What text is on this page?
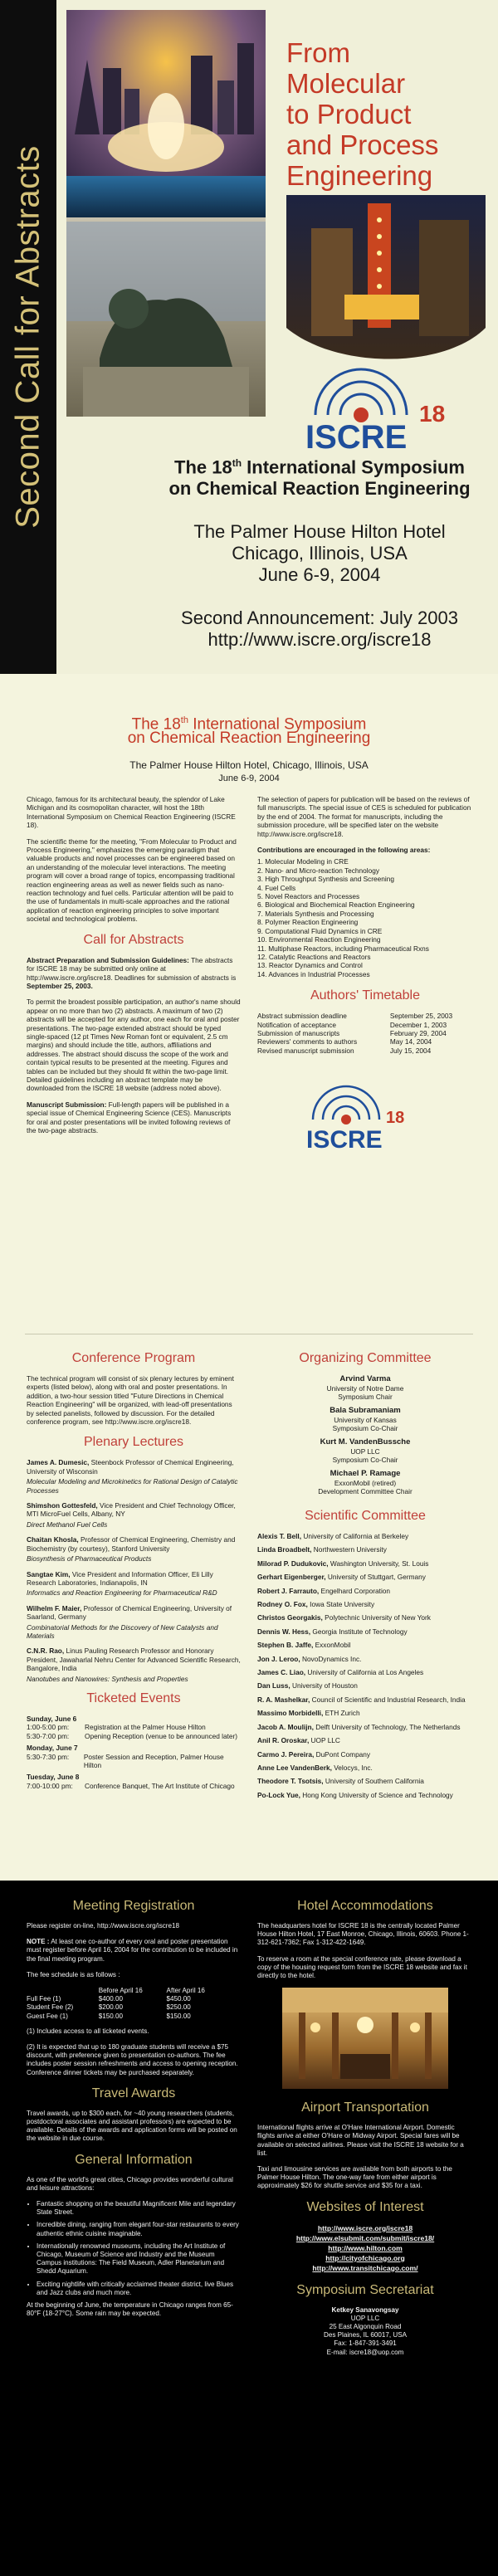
Second Call for Abstracts
From
Molecular
to Product
and Process
Engineering
ISCRE
18

The 18th International Symposium

on Chemical Reaction Engineering

The Palmer House Hilton Hotel
Chicago, Illinois, USA
June 6-9, 2004
Second Announcement: July 2003
http://www.iscre.org/iscre18

The 18th International Symposium

on Chemical Reaction Engineering

The Palmer House Hilton Hotel, Chicago, Illinois, USA
June 6-9, 2004

Chicago, famous for its architectural beauty, the splendor of Lake Michigan and its cosmopolitan character, will host the 18th International Symposium on Chemical Reaction Engineering (ISCRE 18).

The scientific theme for the meeting, "From Molecular to Product and Process Engineering," emphasizes the emerging paradigm that valuable products and novel processes can be engineered based on an understanding of the molecular level interactions. The meeting program will cover a broad range of topics, encompassing traditional reaction engineering areas as well as newer fields such as nano-reaction technology and fuel cells. Particular attention will be paid to the use of fundamentals in multi-scale approaches and the rational application of reaction engineering principles to solve important societal and technological problems.

Call for Abstracts

Abstract Preparation and Submission Guidelines: The abstracts for ISCRE 18 may be submitted only online at http://www.iscre.org/iscre18. Deadlines for submission of abstracts is September 25, 2003.

To permit the broadest possible participation, an author's name should appear on no more than two (2) abstracts. A maximum of two (2) abstracts will be accepted for any author, one each for oral and poster presentations. The two-page extended abstract should be typed single-spaced (12 pt Times New Roman font or equivalent, 2.5 cm margins) and should include the title, authors, affiliations and addresses. The abstract should discuss the scope of the work and contain typical results to be presented at the meeting. Figures and tables can be included but they should fit within the two-page limit. Detailed guidelines including an abstract template may be downloaded from the ISCRE 18 website (address noted above).

Manuscript Submission: Full-length papers will be published in a special issue of Chemical Engineering Science (CES). Manuscripts for oral and poster presentations will be invited following reviews of the two-page abstracts.

The selection of papers for publication will be based on the reviews of full manuscripts. The special issue of CES is scheduled for publication by the end of 2004. The format for manuscripts, including the submission procedure, will be specified later on the website http://www.iscre.org/iscre18.

Contributions are encouraged in the following areas:

1. Molecular Modeling in CRE
2. Nano- and Micro-reaction Technology
3. High Throughput Synthesis and Screening
4. Fuel Cells
5. Novel Reactors and Processes
6. Biological and Biochemical Reaction Engineering
7. Materials Synthesis and Processing
8. Polymer Reaction Engineering
9. Computational Fluid Dynamics in CRE
10. Environmental Reaction Engineering
11. Multiphase Reactors, including Pharmaceutical Rxns
12. Catalytic Reactions and Reactors
13. Reactor Dynamics and Control
14. Advances in Industrial Processes
Authors' Timetable
Abstract submission deadline	September 25, 2003
Notification of acceptance	December 1, 2003
Submission of manuscripts	February 29, 2004
Reviewers' comments to authors	May 14, 2004
Revised manuscript submission	July 15, 2004
ISCRE
18
Conference Program

The technical program will consist of six plenary lectures by eminent experts (listed below), along with oral and poster presentations. In addition, a two-hour session titled "Future Directions in Chemical Reaction Engineering" will be organized, with lead-off presentations by selected panelists, followed by discussion. For the detailed conference program, see http://www.iscre.org/iscre18.

Plenary Lectures
James A. Dumesic, Steenbock Professor of Chemical Engineering, University of Wisconsin
Molecular Modeling and Microkinetics for Rational Design of Catalytic Processes
Shimshon Gottesfeld, Vice President and Chief Technology Officer, MTI MicroFuel Cells, Albany, NY
Direct Methanol Fuel Cells
Chaitan Khosla, Professor of Chemical Engineering, Chemistry and Biochemistry (by courtesy), Stanford University
Biosynthesis of Pharmaceutical Products
Sangtae Kim, Vice President and Information Officer, Eli Lilly Research Laboratories, Indianapolis, IN
Informatics and Reaction Engineering for Pharmaceutical R&D
Wilhelm F. Maier, Professor of Chemical Engineering, University of Saarland, Germany
Combinatorial Methods for the Discovery of New Catalysts and Materials
C.N.R. Rao, Linus Pauling Research Professor and Honorary President, Jawaharlal Nehru Center for Advanced Scientific Research, Bangalore, India
Nanotubes and Nanowires: Synthesis and Properties
Ticketed Events
Sunday, June 6
1:00-5:00 pm:	Registration at the Palmer House Hilton
5:30-7:00 pm:	Opening Reception (venue to be announced later)
Monday, June 7
5:30-7:30 pm:	Poster Session and Reception, Palmer House Hilton
Tuesday, June 8
7:00-10:00 pm:	Conference Banquet, The Art Institute of Chicago
Organizing Committee
Arvind Varma
University of Notre Dame
Symposium Chair
Bala Subramaniam
University of Kansas
Symposium Co-Chair
Kurt M. VandenBussche
UOP LLC
Symposium Co-Chair
Michael P. Ramage
ExxonMobil (retired)
Development Committee Chair
Scientific Committee
Alexis T. Bell, University of California at Berkeley
Linda Broadbelt, Northwestern University
Milorad P. Dudukovic, Washington University, St. Louis
Gerhart Eigenberger, University of Stuttgart, Germany
Robert J. Farrauto, Engelhard Corporation
Rodney O. Fox, Iowa State University
Christos Georgakis, Polytechnic University of New York
Dennis W. Hess, Georgia Institute of Technology
Stephen B. Jaffe, ExxonMobil
Jon J. Leroo, NovoDynamics Inc.
James C. Liao, University of California at Los Angeles
Dan Luss, University of Houston
R. A. Mashelkar, Council of Scientific and Industrial Research, India
Massimo Morbidelli, ETH Zurich
Jacob A. Moulijn, Delft University of Technology, The Netherlands
Anil R. Oroskar, UOP LLC
Carmo J. Pereira, DuPont Company
Anne Lee VandenBerk, Velocys, Inc.
Theodore T. Tsotsis, University of Southern California
Po-Lock Yue, Hong Kong University of Science and Technology
Meeting Registration

Please register on-line, http://www.iscre.org/iscre18

NOTE : At least one co-author of every oral and poster presentation must register before April 16, 2004 for the contribution to be included in the final meeting program.

The fee schedule is as follows :

	Before April 16	After April 16
Full Fee (1)	$400.00	$450.00
Student Fee (2)	$200.00	$250.00
Guest Fee (1)	$150.00	$150.00

(1) Includes access to all ticketed events.

(2) It is expected that up to 180 graduate students will receive a $75 discount, with preference given to presentation co-authors. The fee includes poster session refreshments and access to opening reception. Conference dinner tickets may be purchased separately.

Travel Awards

Travel awards, up to $300 each, for ~40 young researchers (students, postdoctoral associates and assistant professors) are expected to be available. Details of the awards and application forms will be posted on the website in due course.

General Information

As one of the world's great cities, Chicago provides wonderful cultural and leisure attractions:

• Fantastic shopping on the beautiful Magnificent Mile and legendary State Street.
• Incredible dining, ranging from elegant four-star restaurants to every authentic ethnic cuisine imaginable.
• Internationally renowned museums, including the Art Institute of Chicago, Museum of Science and Industry and the Museum Campus institutions: The Field Museum, Adler Planetarium and Shedd Aquarium.
• Exciting nightlife with critically acclaimed theater district, live Blues and Jazz clubs and much more.

At the beginning of June, the temperature in Chicago ranges from 65-80°F (18-27°C). Some rain may be expected.

Hotel Accommodations

The headquarters hotel for ISCRE 18 is the centrally located Palmer House Hilton Hotel, 17 East Monroe, Chicago, Illinois, 60603. Phone 1-312-621-7362; Fax 1-312-422-1649.

To reserve a room at the special conference rate, please download a copy of the housing request form from the ISCRE 18 website and fax it directly to the hotel.

Airport Transportation

International flights arrive at O'Hare International Airport. Domestic flights arrive at either O'Hare or Midway Airport. Special fares will be available on selected airlines. Please visit the ISCRE 18 website for a list.

Taxi and limousine services are available from both airports to the Palmer House Hilton. The one-way fare from either airport is approximately $26 for shuttle service and $35 for a taxi.

Websites of Interest
http://www.iscre.org/iscre18
http://www.elsubmit.com/submit/iscre18/
http://www.hilton.com
http://cityofchicago.org
http://www.transitchicago.com/
Symposium Secretariat
Ketkey Sanavongsay
UOP LLC
25 East Algonquin Road
Des Plaines, IL 60017, USA
Fax: 1-847-391-3491
E-mail: iscre18@uop.com
